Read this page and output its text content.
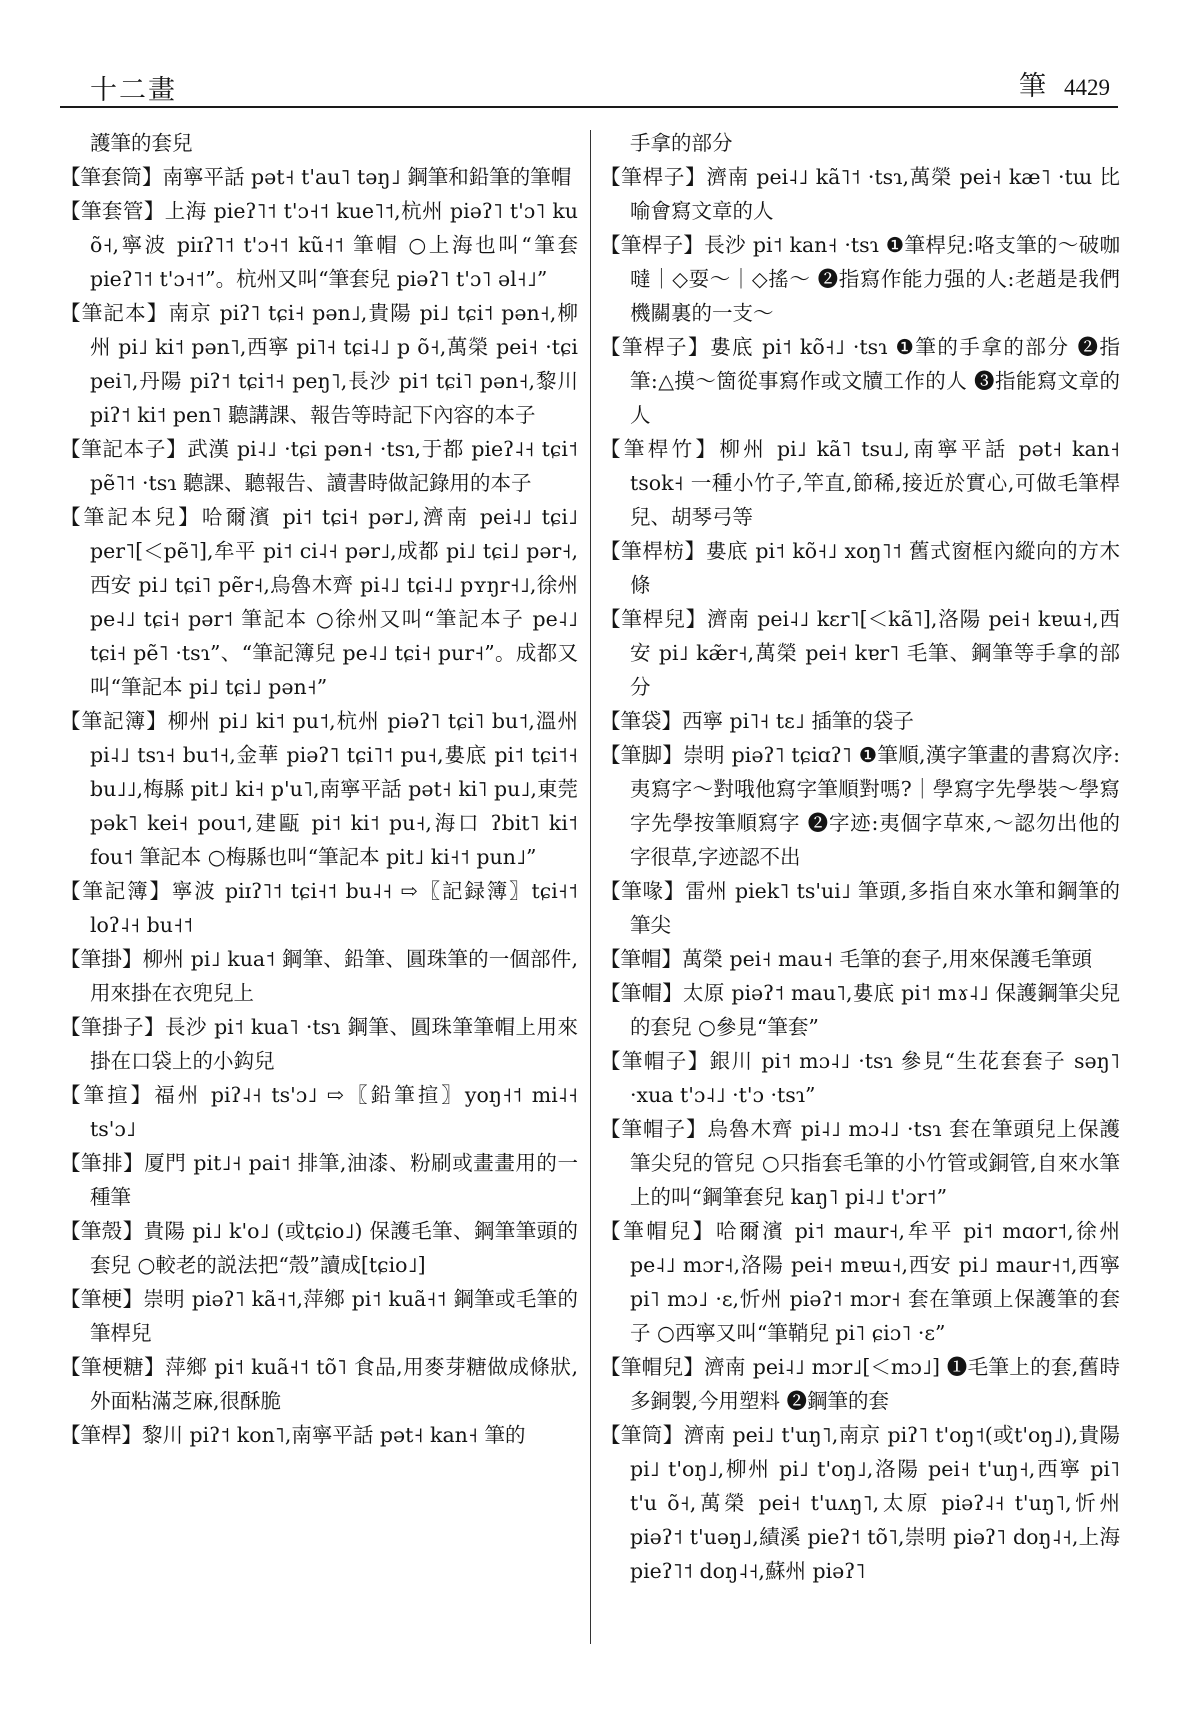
十二畫	筆 4429
護筆的套兒
【筆套筒】南寧平話 pət˧ t'au˥ təŋ˩ 鋼筆和鉛筆的筆帽
【筆套管】上海 pieʔ˥˦ t'ɔ˧˦ kue˥˦,杭州 piəʔ˥ t'ɔ˥ ku õ˧,寧波 piɪʔ˥˦ t'ɔ˧˦ kũ˧˦ 筆帽 ○上海也叫“筆套 pieʔ˥˦ t'ɔ˧˦”。杭州又叫“筆套兒 piəʔ˥ t'ɔ˥ əl˧˩”
【筆記本】南京 piʔ˥ tɕi˧ pən˩,貴陽 pi˩ tɕi˦ pən˧,柳州 pi˩ ki˦ pən˥,西寧 pi˥˧ tɕi˨˩ p õ˧,萬榮 pei˧ ·tɕi pei˥,丹陽 piʔ˦ tɕi˦˧ peŋ˥,長沙 pi˦ tɕi˥ pən˧,黎川 piʔ˦ ki˦ pen˥ 聽講課、報告等時記下內容的本子
【筆記本子】武漢 pi˨˩ ·tɕi pən˧ ·tsɿ,于都 pieʔ˨˧ tɕi˦ pẽ˥˦ ·tsɿ 聽課、聽報告、讀書時做記錄用的本子
【筆記本兒】哈爾濱 pi˦ tɕi˧ pər˩,濟南 pei˨˩ tɕi˩ per˥[＜pẽ˥],牟平 pi˦ ci˨˧ pər˩,成都 pi˩ tɕi˩ pər˧,西安 pi˩ tɕi˥ pẽr˧,烏魯木齊 pi˨˩ tɕi˨˩ pʏŋr˧˩,徐州 pe˨˩ tɕi˧ pər˦ 筆記本 ○徐州又叫“筆記本子 pe˨˩ tɕi˧ pẽ˥ ·tsɿ”、“筆記簿兒 pe˨˩ tɕi˧ pur˧”。成都又叫“筆記本 pi˩ tɕi˩ pən˧”
【筆記簿】柳州 pi˩ ki˦ pu˦,杭州 piəʔ˥ tɕi˥ bu˦,溫州 pi˨˩ tsɿ˧ bu˦˧,金華 piəʔ˥ tɕi˥˦ pu˧,婁底 pi˦ tɕi˦˧ bu˩˩,梅縣 pit˩ ki˧ p'u˥,南寧平話 pət˧ ki˥ pu˩,東莞 pək˥ kei˧ pou˦,建甌 pi˦ ki˦ pu˧,海口 ʔbit˥ ki˦ fou˦ 筆記本 ○梅縣也叫“筆記本 pit˩ ki˧˦ pun˩”
【筆記簿】寧波 piɪʔ˥˦ tɕi˧˦ bu˨˧ ⇨〖記録簿〗tɕi˧˦ loʔ˨˧ bu˧˦
【筆掛】柳州 pi˩ kua˦ 鋼筆、鉛筆、圓珠筆的一個部件,用來掛在衣兜兒上
【筆掛子】長沙 pi˦ kua˥ ·tsɿ 鋼筆、圓珠筆筆帽上用來掛在口袋上的小鈎兒
【筆揎】福州 piʔ˨˧ ts'ɔ˩ ⇨〖鉛筆揎〗yoŋ˧˦ mi˨˧ ts'ɔ˩
【筆排】厦門 pit˩˧ pai˦ 排筆,油漆、粉刷或畫畫用的一種筆
【筆殼】貴陽 pi˩ k'o˩ (或tɕio˩) 保護毛筆、鋼筆筆頭的套兒 ○較老的説法把“殼”讀成[tɕio˩]
【筆梗】崇明 piəʔ˥ kã˧˦,萍鄉 pi˦ kuã˧˦ 鋼筆或毛筆的筆桿兒
【筆梗糖】萍鄉 pi˦ kuã˧˦ tõ˥ 食品,用麥芽糖做成條狀,外面粘滿芝麻,很酥脆
【筆桿】黎川 piʔ˦ kon˥,南寧平話 pət˧ kan˧ 筆的
手拿的部分
【筆桿子】濟南 pei˨˩ kã˥˦ ·tsɿ,萬榮 pei˧ kæ˥ ·tɯ 比喻會寫文章的人
【筆桿子】長沙 pi˦ kan˧ ·tsɿ ❶筆桿兒:咯支筆的～破咖噠｜◇耍～｜◇搖～ ❷指寫作能力强的人:老趙是我們機關裏的一支～
【筆桿子】婁底 pi˦ kõ˧˩ ·tsɿ ❶筆的手拿的部分 ❷指筆:△摸～箇從事寫作或文牘工作的人 ❸指能寫文章的人
【筆桿竹】柳州 pi˩ kã˥ tsu˩,南寧平話 pət˧ kan˧ tsok˧ 一種小竹子,竿直,節稀,接近於實心,可做毛筆桿兒、胡琴弓等
【筆桿枋】婁底 pi˦ kõ˧˩ xoŋ˥˦ 舊式窗框內縱向的方木條
【筆桿兒】濟南 pei˨˩ kɛr˥[＜kã˥],洛陽 pei˧ kɐɯ˧,西安 pi˩ kæ̃r˧,萬榮 pei˧ kɐr˥ 毛筆、鋼筆等手拿的部分
【筆袋】西寧 pi˥˧ tɛ˩ 插筆的袋子
【筆脚】崇明 piəʔ˥ tɕiɑʔ˥ ❶筆順,漢字筆畫的書寫次序:夷寫字～對哦他寫字筆順對嗎?｜學寫字先學裝～學寫字先學按筆順寫字 ❷字迹:夷個字草來,～認勿出他的字很草,字迹認不出
【筆喙】雷州 piek˥ ts'ui˩ 筆頭,多指自來水筆和鋼筆的筆尖
【筆帽】萬榮 pei˧ mau˧ 毛筆的套子,用來保護毛筆頭
【筆帽】太原 piəʔ˦ mau˥,婁底 pi˦ mɤ˨˩ 保護鋼筆尖兒的套兒 ○參見“筆套”
【筆帽子】銀川 pi˦ mɔ˨˩ ·tsɿ 參見“生花套套子 səŋ˥ ·xua t'ɔ˨˩ ·t'ɔ ·tsɿ”
【筆帽子】烏魯木齊 pi˨˩ mɔ˨˩ ·tsɿ 套在筆頭兒上保護筆尖兒的管兒 ○只指套毛筆的小竹管或銅管,自來水筆上的叫“鋼筆套兒 kaŋ˥ pi˨˩ t'ɔr˦”
【筆帽兒】哈爾濱 pi˦ maur˧,牟平 pi˦ mɑor˦,徐州 pe˨˩ mɔr˧,洛陽 pei˧ mɐɯ˧,西安 pi˩ maur˧˦,西寧 pi˥ mɔ˩ ·ɛ,忻州 piəʔ˦ mɔr˧ 套在筆頭上保護筆的套子 ○西寧又叫“筆鞘兒 pi˥ ɕiɔ˥ ·ɛ”
【筆帽兒】濟南 pei˨˩ mɔr˩[＜mɔ˩] ❶毛筆上的套,舊時多銅製,今用塑料 ❷鋼筆的套
【筆筒】濟南 pei˩ t'uŋ˥,南京 piʔ˥ t'oŋ˦(或t'oŋ˩),貴陽 pi˩ t'oŋ˩,柳州 pi˩ t'oŋ˩,洛陽 pei˧ t'uŋ˧,西寧 pi˥ t'u õ˧,萬榮 pei˧ t'uʌŋ˥,太原 piəʔ˨˧ t'uŋ˥,忻州 piəʔ˦ t'uəŋ˩,績溪 pieʔ˦ tõ˥,崇明 piəʔ˥ doŋ˨˧,上海 pieʔ˥˦ doŋ˨˧,蘇州 piəʔ˥
